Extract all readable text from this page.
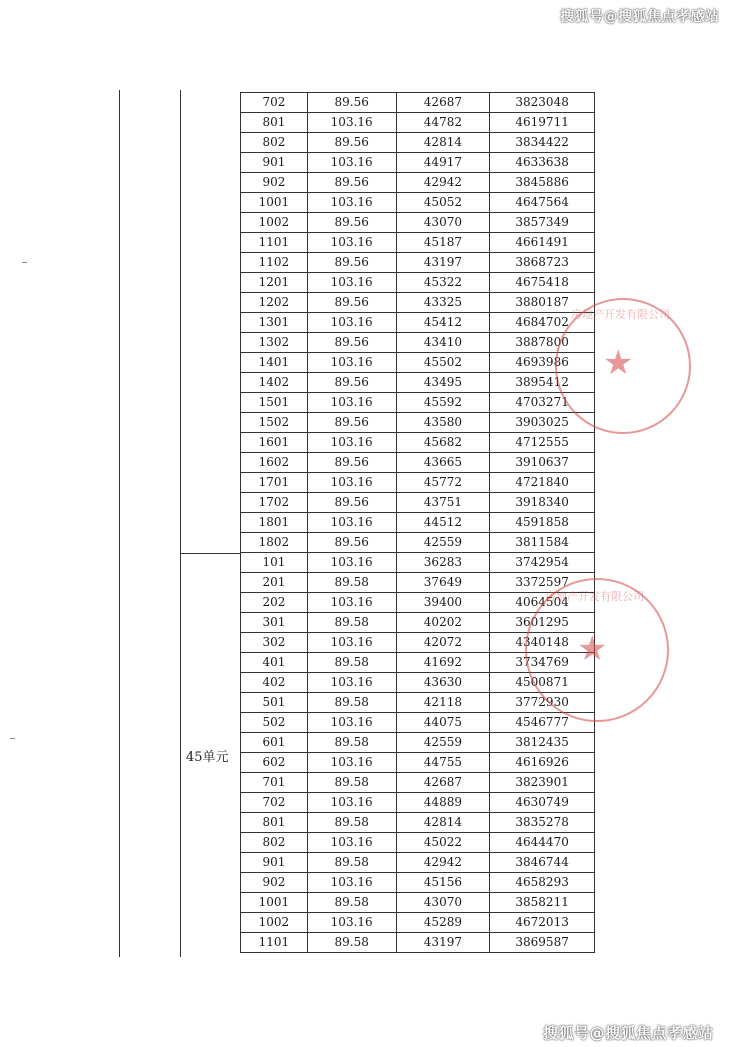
搜狐号@搜狐焦点孝感站
45单元
702	89.56	42687	3823048
801	103.16	44782	4619711
802	89.56	42814	3834422
901	103.16	44917	4633638
902	89.56	42942	3845886
1001	103.16	45052	4647564
1002	89.56	43070	3857349
1101	103.16	45187	4661491
1102	89.56	43197	3868723
1201	103.16	45322	4675418
1202	89.56	43325	3880187
1301	103.16	45412	4684702
1302	89.56	43410	3887800
1401	103.16	45502	4693986
1402	89.56	43495	3895412
1501	103.16	45592	4703271
1502	89.56	43580	3903025
1601	103.16	45682	4712555
1602	89.56	43665	3910637
1701	103.16	45772	4721840
1702	89.56	43751	3918340
1801	103.16	44512	4591858
1802	89.56	42559	3811584
101	103.16	36283	3742954
201	89.58	37649	3372597
202	103.16	39400	4064504
301	89.58	40202	3601295
302	103.16	42072	4340148
401	89.58	41692	3734769
402	103.16	43630	4500871
501	89.58	42118	3772930
502	103.16	44075	4546777
601	89.58	42559	3812435
602	103.16	44755	4616926
701	89.58	42687	3823901
702	103.16	44889	4630749
801	89.58	42814	3835278
802	103.16	45022	4644470
901	89.58	42942	3846744
902	103.16	45156	4658293
1001	89.58	43070	3858211
1002	103.16	45289	4672013
1101	89.58	43197	3869587
★
房地产开发有限公司
★
房地产开发有限公司
搜狐号@搜狐焦点孝感站
